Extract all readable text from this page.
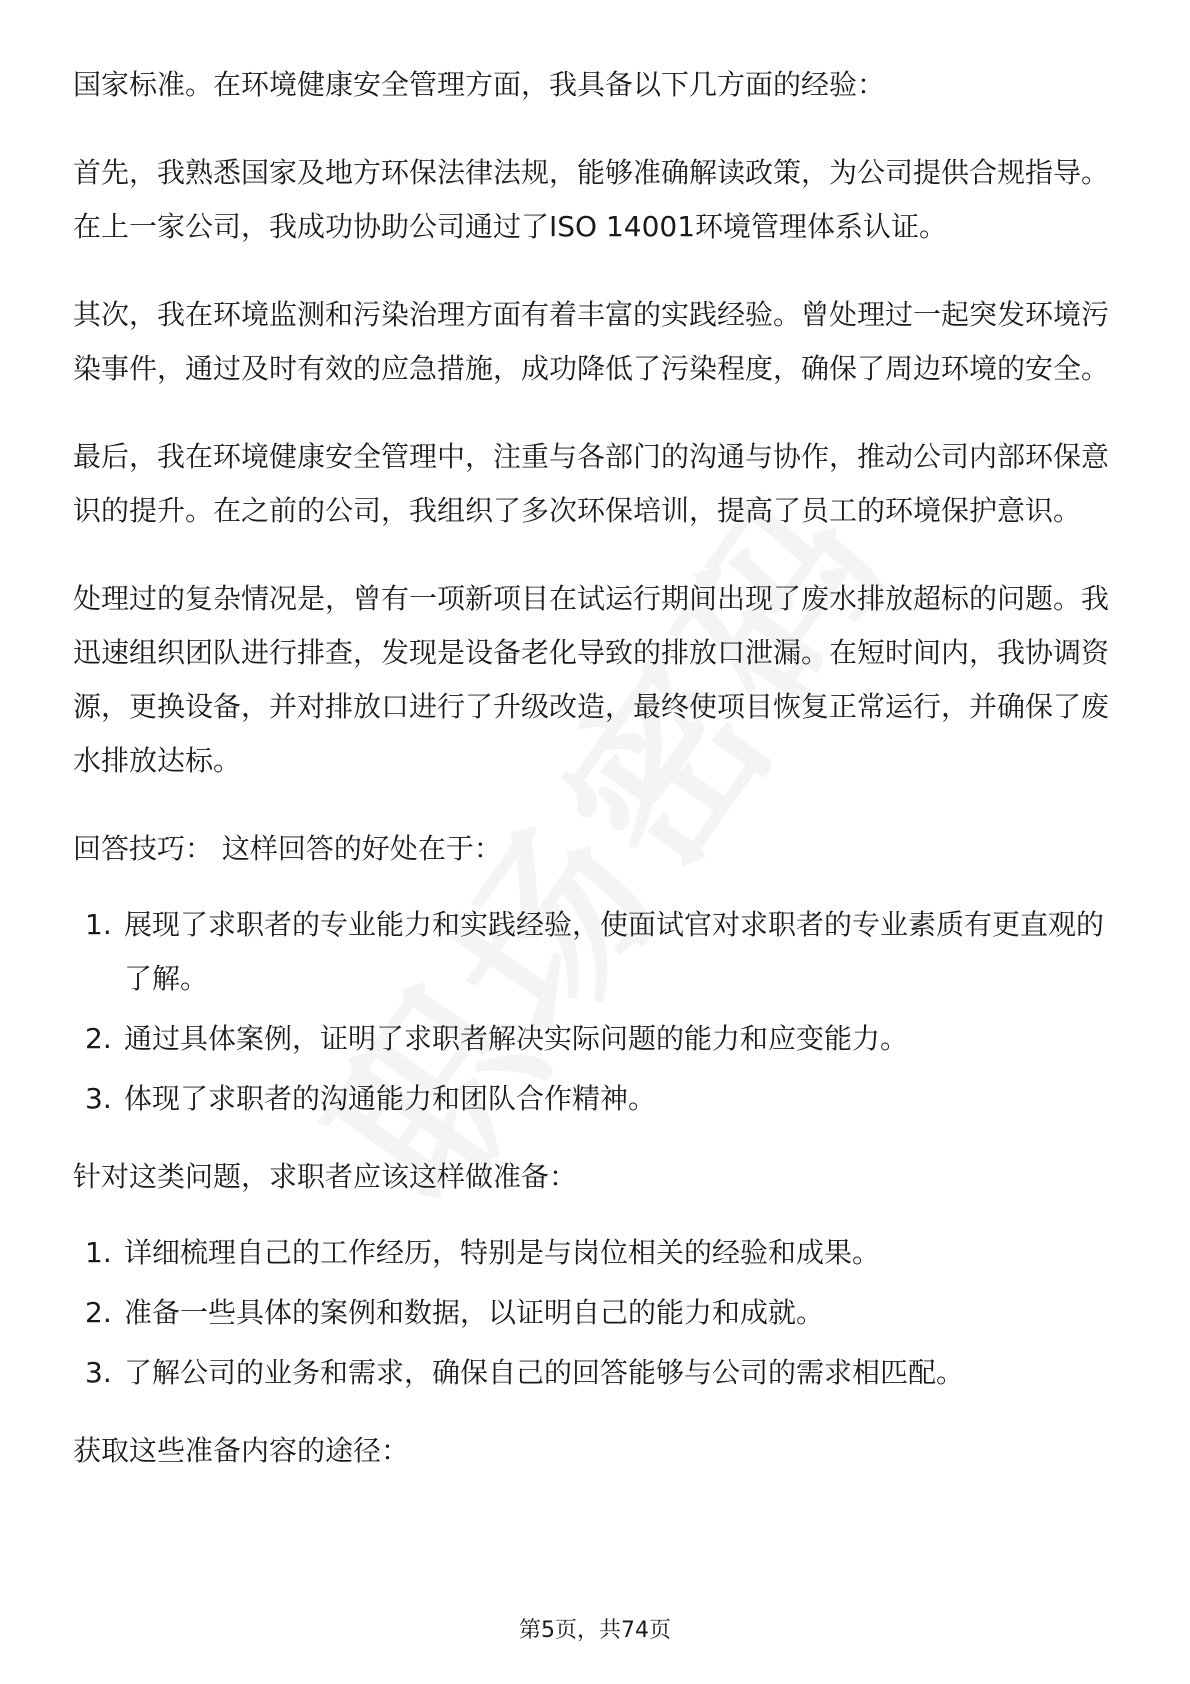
国家标准。在环境健康安全管理方面，我具备以下几方面的经验：

首先，我熟悉国家及地方环保法律法规，能够准确解读政策，为公司提供合规指导。在上一家公司，我成功协助公司通过了ISO 14001环境管理体系认证。

其次，我在环境监测和污染治理方面有着丰富的实践经验。曾处理过一起突发环境污染事件，通过及时有效的应急措施，成功降低了污染程度，确保了周边环境的安全。

最后，我在环境健康安全管理中，注重与各部门的沟通与协作，推动公司内部环保意识的提升。在之前的公司，我组织了多次环保培训，提高了员工的环境保护意识。

处理过的复杂情况是，曾有一项新项目在试运行期间出现了废水排放超标的问题。我迅速组织团队进行排查，发现是设备老化导致的排放口泄漏。在短时间内，我协调资源，更换设备，并对排放口进行了升级改造，最终使项目恢复正常运行，并确保了废水排放达标。

回答技巧： 这样回答的好处在于：

1. 展现了求职者的专业能力和实践经验，使面试官对求职者的专业素质有更直观的了解。
2. 通过具体案例，证明了求职者解决实际问题的能力和应变能力。
3. 体现了求职者的沟通能力和团队合作精神。

针对这类问题，求职者应该这样做准备：

1. 详细梳理自己的工作经历，特别是与岗位相关的经验和成果。
2. 准备一些具体的案例和数据，以证明自己的能力和成就。
3. 了解公司的业务和需求，确保自己的回答能够与公司的需求相匹配。

获取这些准备内容的途径：

第5页，共74页
